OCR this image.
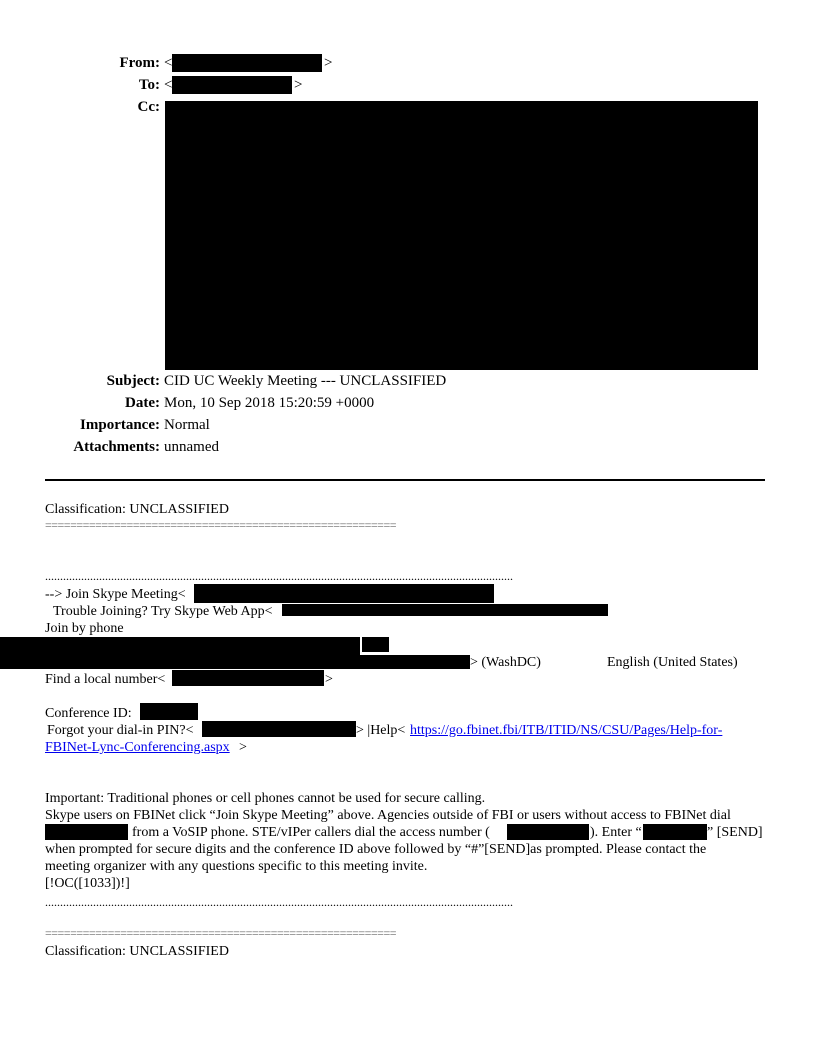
From: <	>
To: <	>
Cc:
Subject: CID UC Weekly Meeting --- UNCLASSIFIED
Date: Mon, 10 Sep 2018 15:20:59 +0000
Importance: Normal
Attachments: unnamed
Classification: UNCLASSIFIED
========================================================
............................................................................................................................................................
--> Join Skype Meeting<
Trouble Joining? Try Skype Web App<
Join by phone
> (WashDC)	English (United States)
Find a local number<	>
Conference ID:
Forgot your dial-in PIN?<	> |Help< https://go.fbinet.fbi/ITB/ITID/NS/CSU/Pages/Help-for-
FBINet-Lync-Conferencing.aspx >
Important: Traditional phones or cell phones cannot be used for secure calling.
Skype users on FBINet click “Join Skype Meeting” above. Agencies outside of FBI or users without access to FBINet dial
from a VoSIP phone. STE/vIPer callers dial the access number (	). Enter “	” [SEND]
when prompted for secure digits and the conference ID above followed by “#”[SEND]as prompted. Please contact the
meeting organizer with any questions specific to this meeting invite.
[!OC([1033])!]
............................................................................................................................................................
========================================================
Classification: UNCLASSIFIED
